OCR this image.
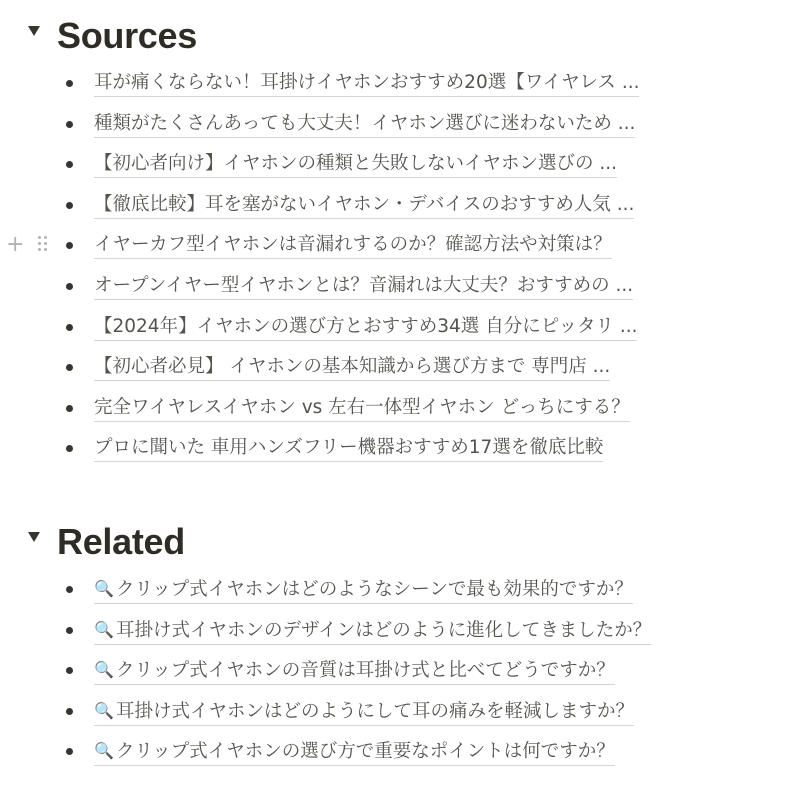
Sources
耳が痛くならない！耳掛けイヤホンおすすめ20選【ワイヤレス ...
種類がたくさんあっても大丈夫！イヤホン選びに迷わないため ...
【初心者向け】イヤホンの種類と失敗しないイヤホン選びの ...
【徹底比較】耳を塞がないイヤホン・デバイスのおすすめ人気 ...
+	イヤーカフ型イヤホンは音漏れするのか？確認方法や対策は？
オープンイヤー型イヤホンとは？音漏れは大丈夫？おすすめの ...
【2024年】イヤホンの選び方とおすすめ34選 自分にピッタリ ...
【初心者必見】 イヤホンの基本知識から選び方まで 専門店 ...
完全ワイヤレスイヤホン vs 左右一体型イヤホン どっちにする？
プロに聞いた 車用ハンズフリー機器おすすめ17選を徹底比較
Related
🔍 クリップ式イヤホンはどのようなシーンで最も効果的ですか？
🔍 耳掛け式イヤホンのデザインはどのように進化してきましたか？
🔍 クリップ式イヤホンの音質は耳掛け式と比べてどうですか？
🔍 耳掛け式イヤホンはどのようにして耳の痛みを軽減しますか？
🔍 クリップ式イヤホンの選び方で重要なポイントは何ですか？
